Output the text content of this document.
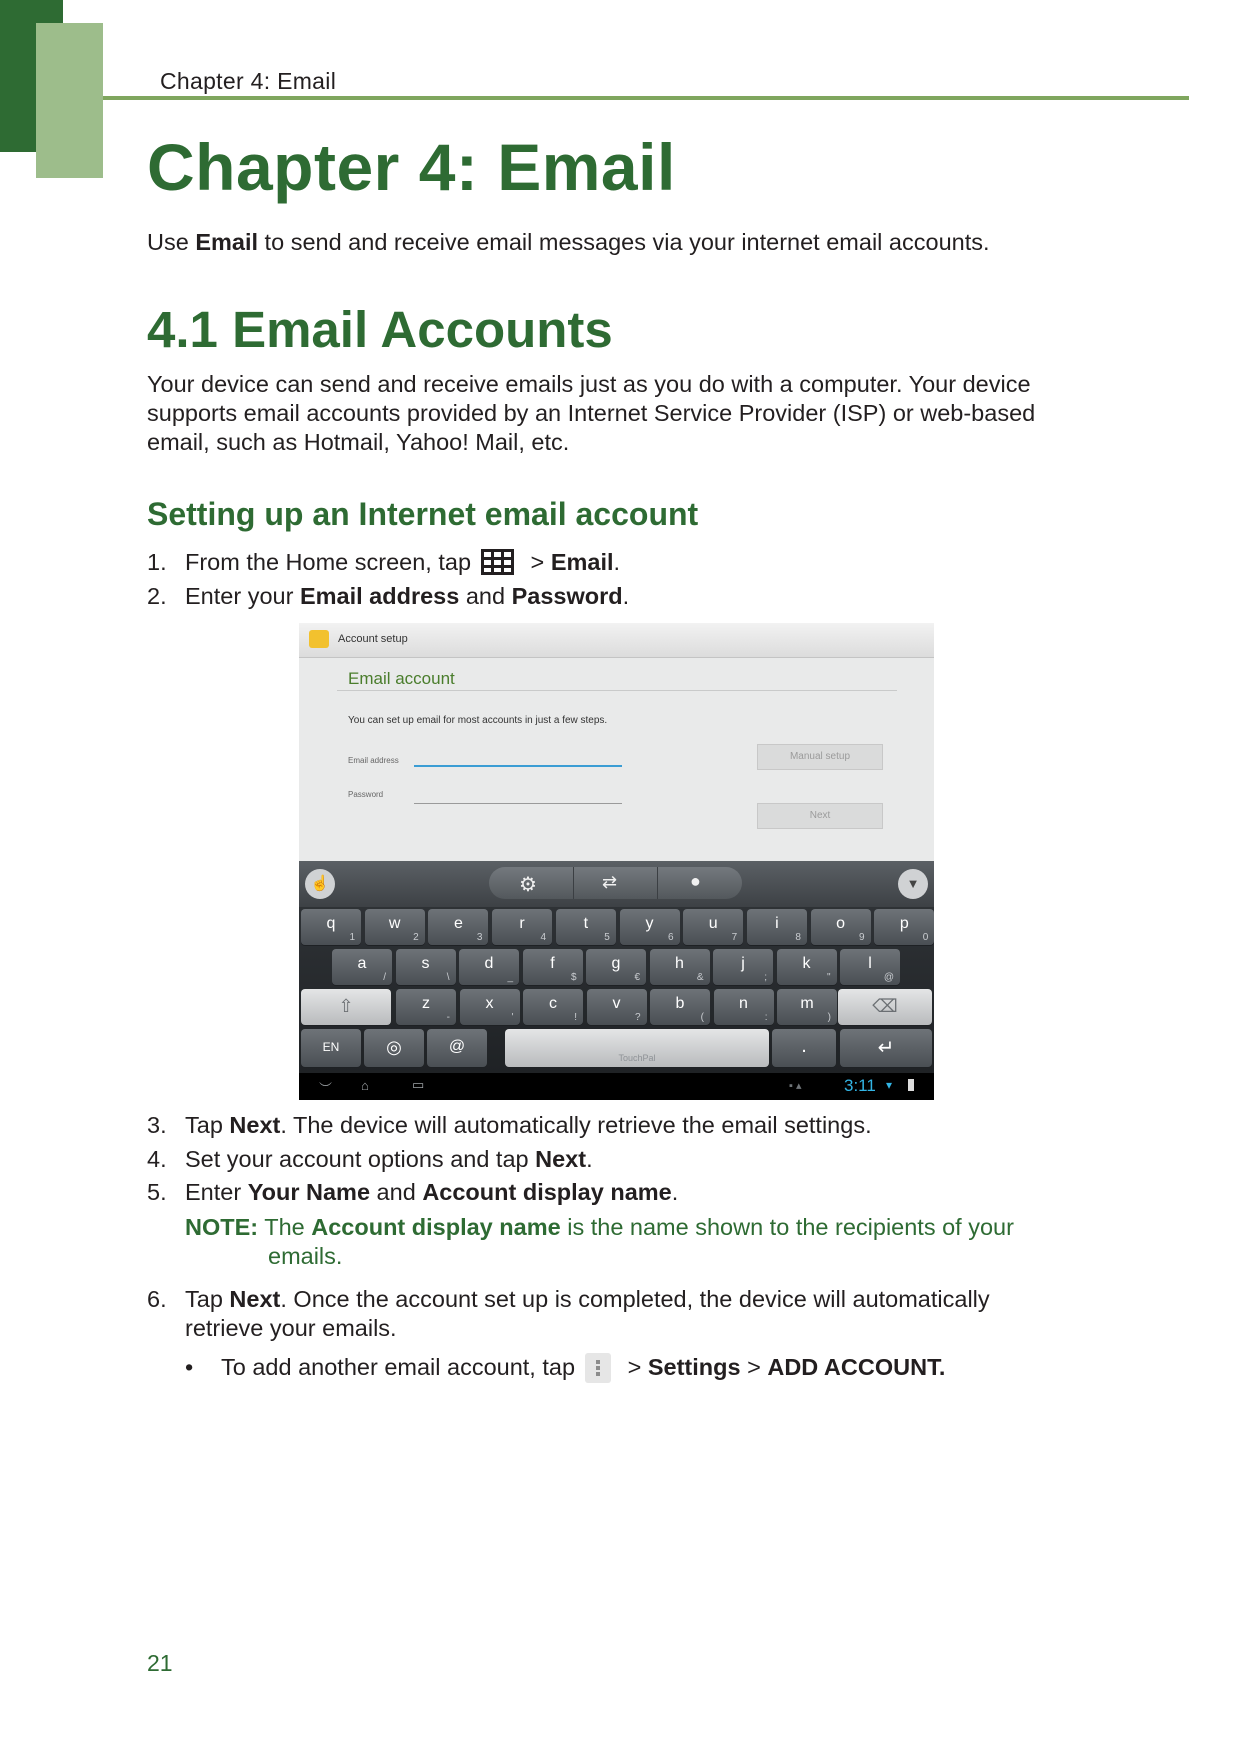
Chapter 4: Email
Chapter 4: Email
Use Email to send and receive email messages via your internet email accounts.
4.1 Email Accounts
Your device can send and receive emails just as you do with a computer. Your device
supports email accounts provided by an Internet Service Provider (ISP) or web-based
email, such as Hotmail, Yahoo! Mail, etc.
Setting up an Internet email account
1. From the Home screen, tap > Email.
2. Enter your Email address and Password.
Account setup
Email account
You can set up email for most accounts in just a few steps.
Email address
Password
Manual setup
Next
☝	⚙	⇄	●	▼
q
1
w
2
e
3
r
4
t
5
y
6
u
7
i
8
o
9
p
0
a
/
s
\
d
_
f
$
g
€
h
&
j
;
k
"
l
@
⇧	⌫
z
-
x
'
c
!
v
?
b
(
n
:
m
)
EN	◎	@
TouchPal
.	↵
︶ ⌂	▭	▪ ▴	3:11 ▾
3. Tap Next. The device will automatically retrieve the email settings.
4. Set your account options and tap Next.
5. Enter Your Name and Account display name.
NOTE: The Account display name is the name shown to the recipients of your
emails.
6. Tap Next. Once the account set up is completed, the device will automatically
retrieve your emails.
• To add another email account, tap
> Settings > ADD ACCOUNT.
21
